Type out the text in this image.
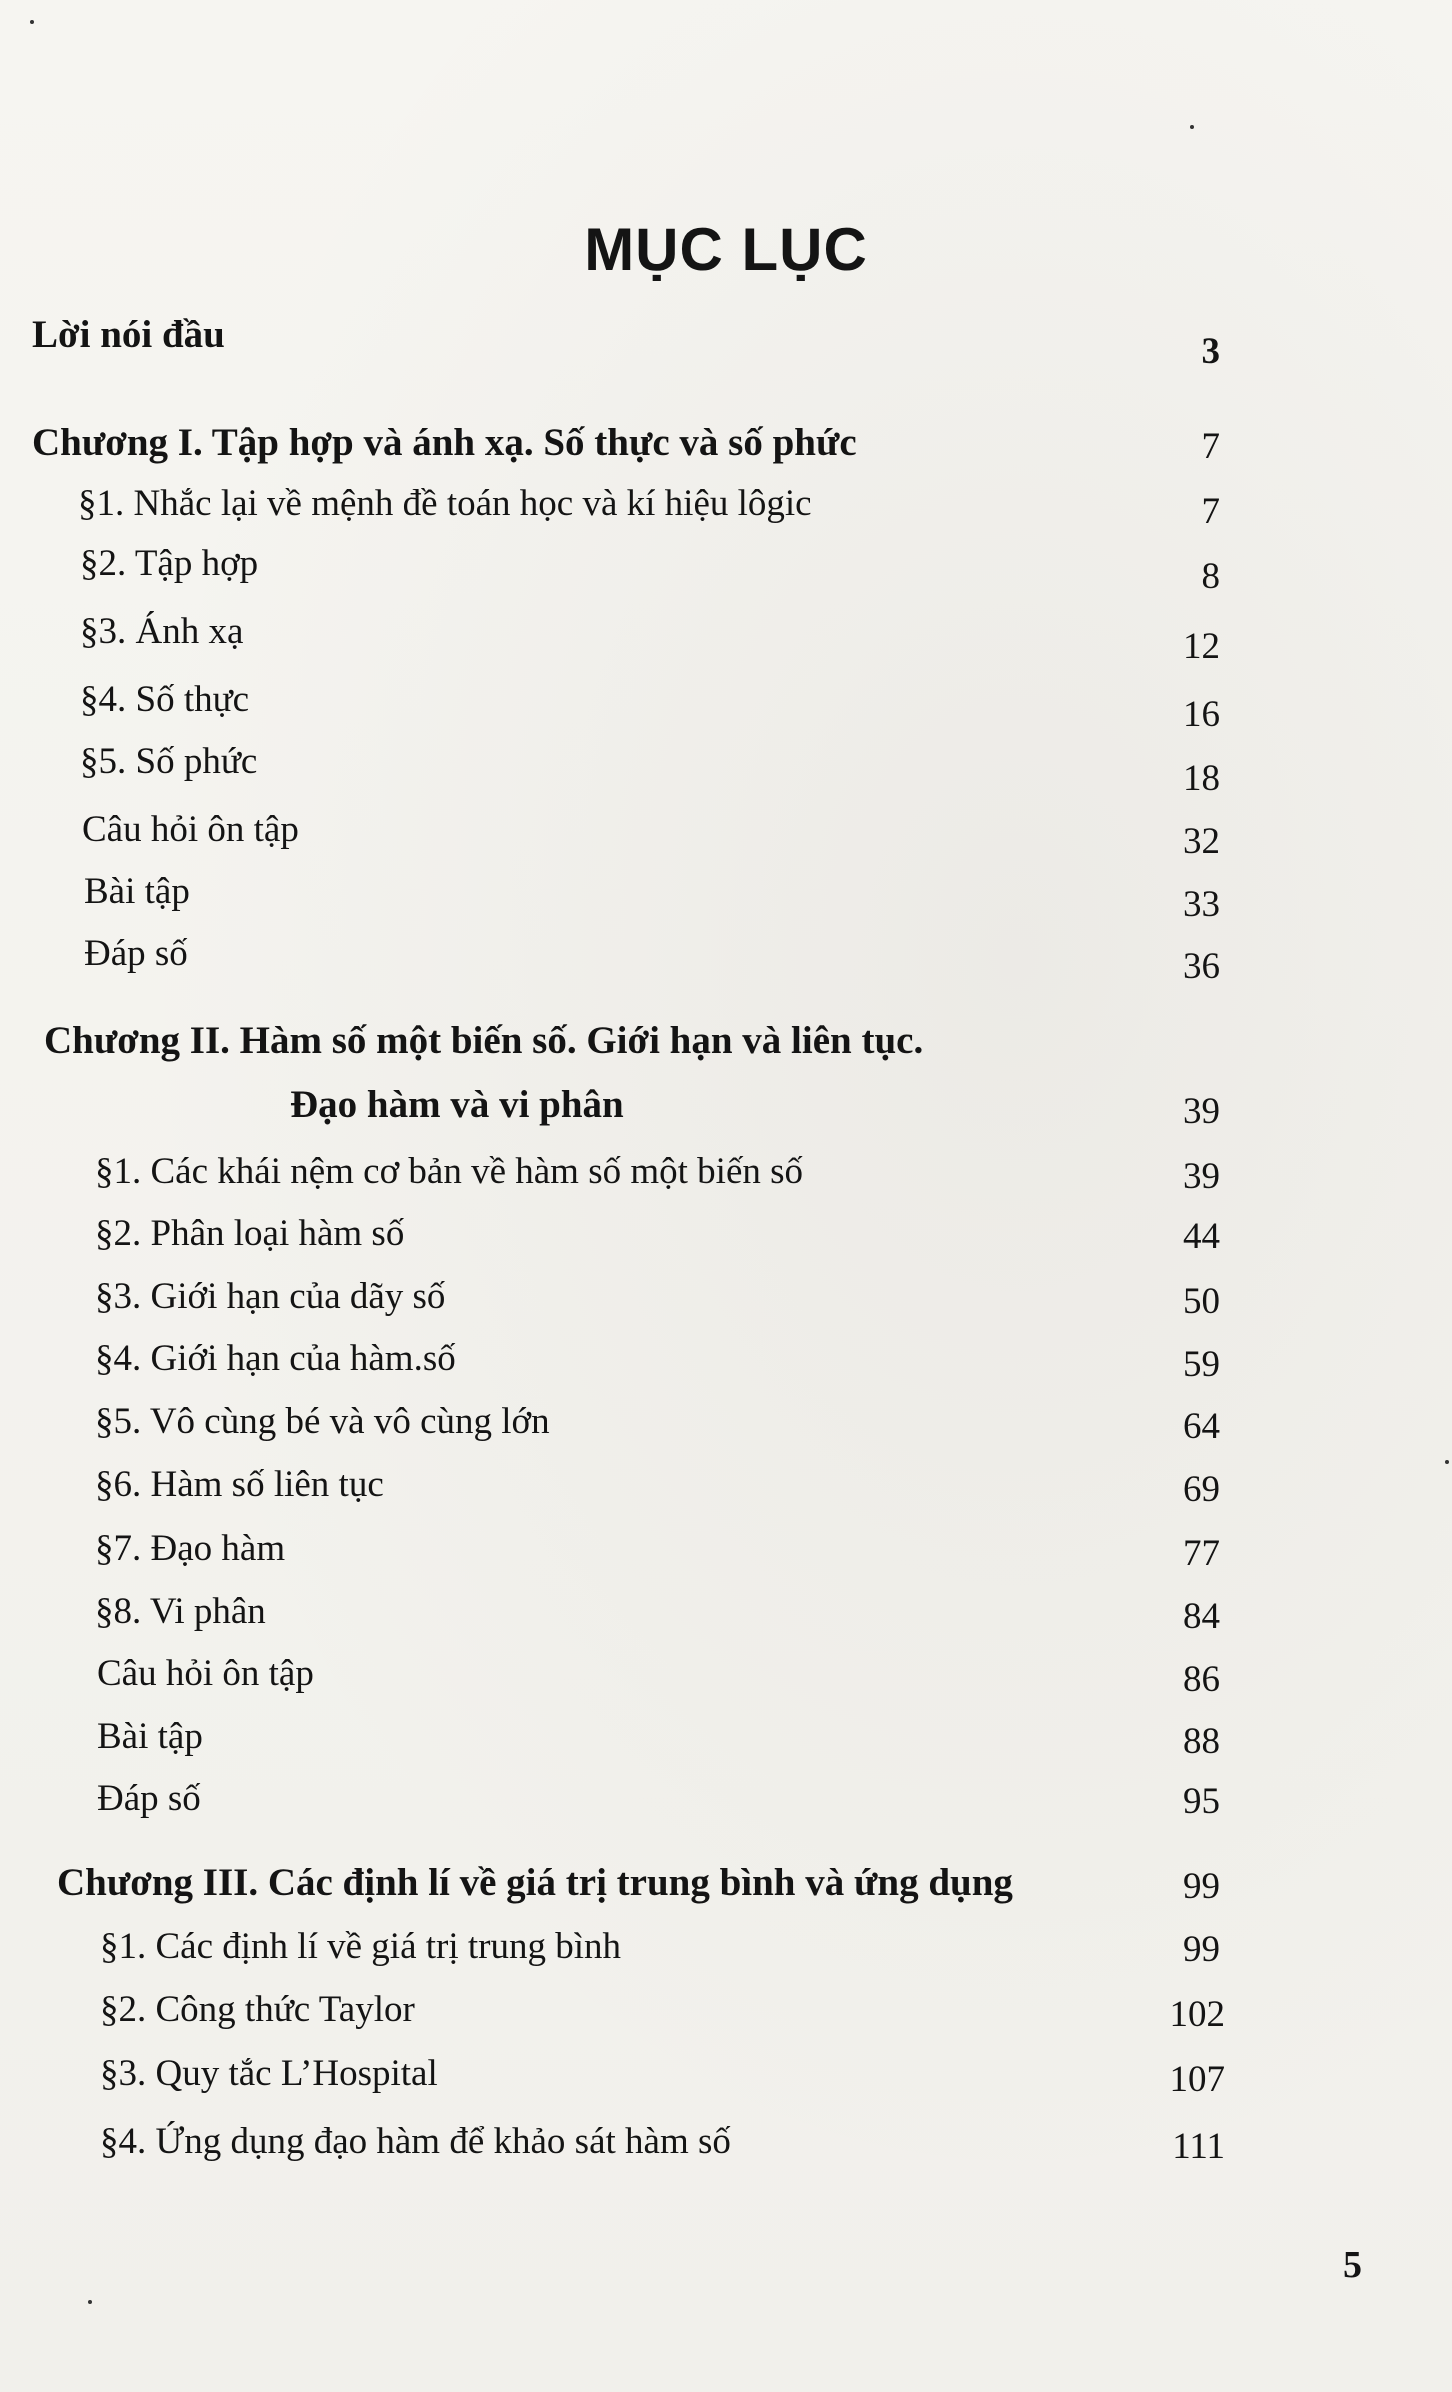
MỤC LỤC
Lời nói đầu	3
Chương I. Tập hợp và ánh xạ. Số thực và số phức	7
§1. Nhắc lại về mệnh đề toán học và kí hiệu lôgic	7
§2. Tập hợp	8
§3. Ánh xạ	12
§4. Số thực	16
§5. Số phức	18
Câu hỏi ôn tập	32
Bài tập	33
Đáp số	36
Chương II. Hàm số một biến số. Giới hạn và liên tục.
Đạo hàm và vi phân	39
§1. Các khái nệm cơ bản về hàm số một biến số	39
§2. Phân loại hàm số	44
§3. Giới hạn của dãy số	50
§4. Giới hạn của hàm.số	59
§5. Vô cùng bé và vô cùng lớn	64
§6. Hàm số liên tục	69
§7. Đạo hàm	77
§8. Vi phân	84
Câu hỏi ôn tập	86
Bài tập	88
Đáp số	95
Chương III. Các định lí về giá trị trung bình và ứng dụng	99
§1. Các định lí về giá trị trung bình	99
§2. Công thức Taylor	102
§3. Quy tắc L’Hospital	107
§4. Ứng dụng đạo hàm để khảo sát hàm số	111
5
